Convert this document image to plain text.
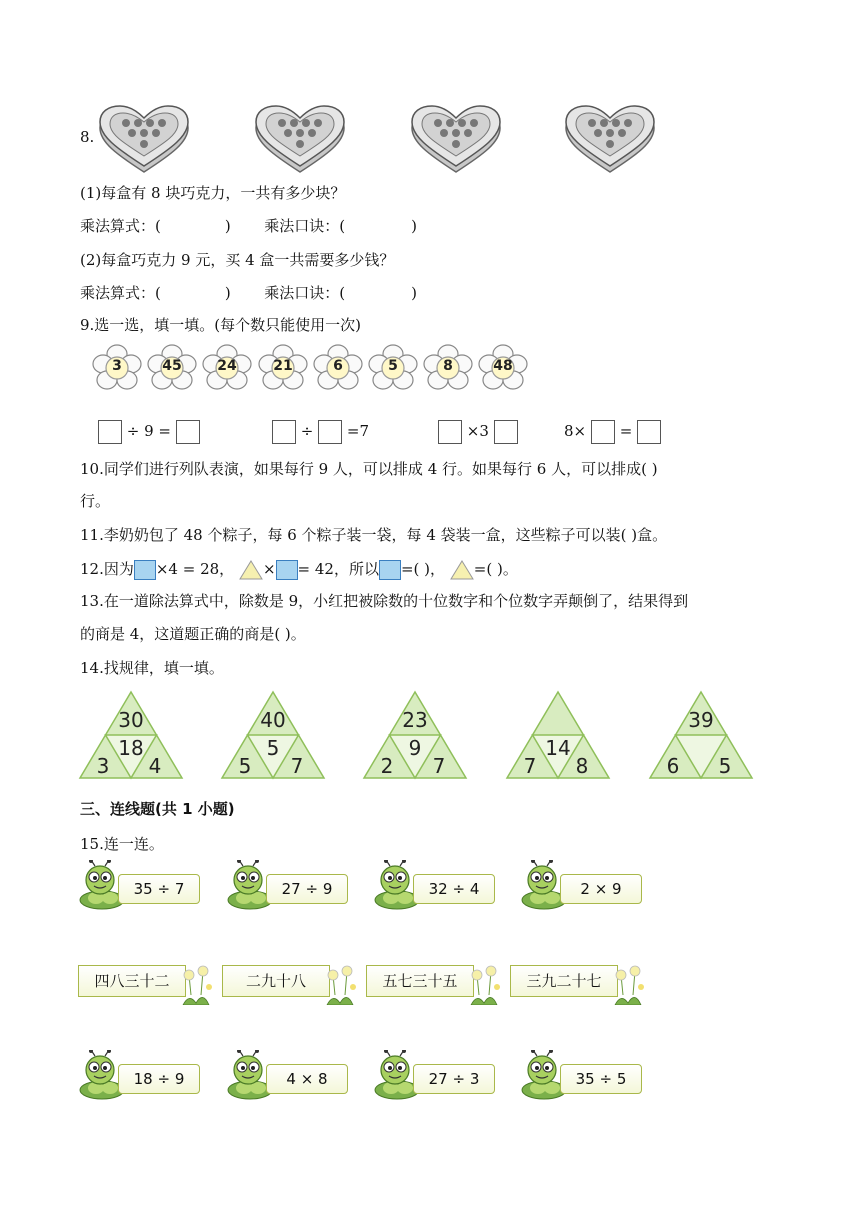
8.
(1)每盒有 8 块巧克力，一共有多少块？
乘法算式：(	) 乘法口诀：(	)
(2)每盒巧克力 9 元，买 4 盒一共需要多少钱？
乘法算式：(	) 乘法口诀：(	)
9.选一选，填一填。(每个数只能使用一次)
3	45	24	21	6	5	8	48
÷ 9 =	÷ =7	×3	8× =
10.同学们进行列队表演，如果每行 9 人，可以排成 4 行。如果每行 6 人，可以排成( )
行。
11.李奶奶包了 48 个粽子，每 6 个粽子装一袋，每 4 袋装一盒，这些粽子可以装( )盒。
12.因为 ×4 = 28， × = 42，所以 =( )， =( )。
13.在一道除法算式中，除数是 9，小红把被除数的十位数字和个位数字弄颠倒了，结果得到
的商是 4，这道题正确的商是( )。
14.找规律，填一填。
30
18
3	4
40
5
5	7
23
9
2	7
14
7	8
39
6	5
三、连线题(共 1 小题)
15.连一连。
35 ÷ 7	27 ÷ 9	32 ÷ 4	2 × 9
四八三十二	二九十八	五七三十五	三九二十七
18 ÷ 9	4 × 8	27 ÷ 3	35 ÷ 5
